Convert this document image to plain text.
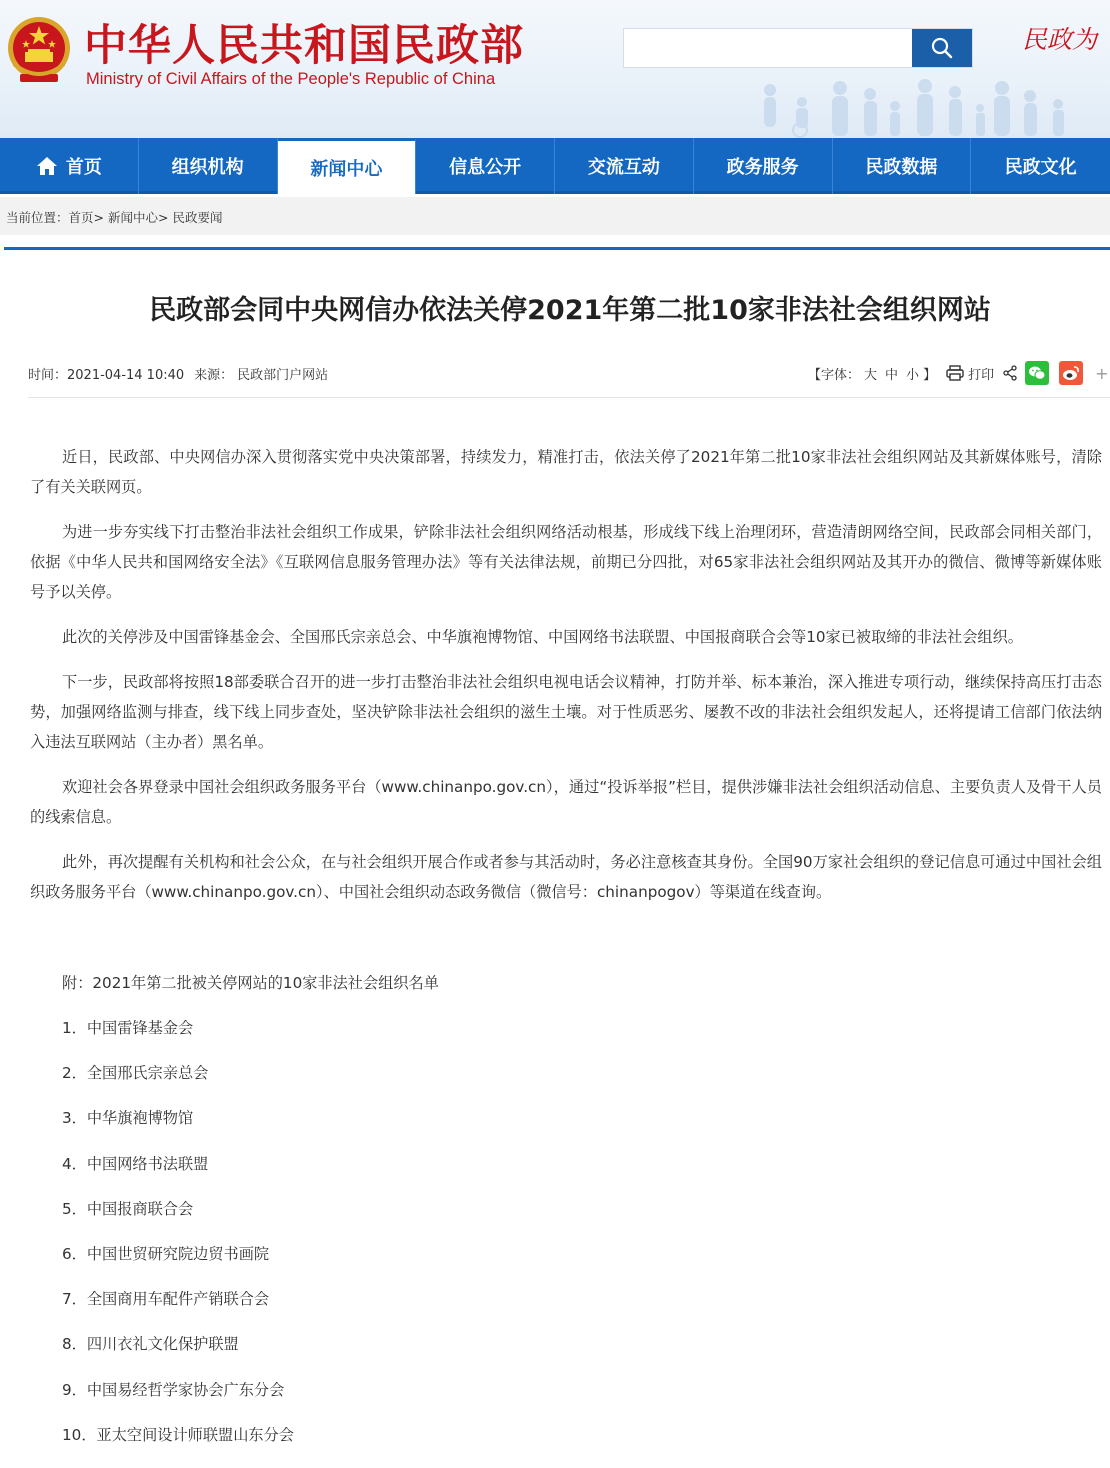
中华人民共和国民政部
Ministry of Civil Affairs of the People's Republic of China
民政为
首页	组织机构	新闻中心	信息公开	交流互动	政务服务	民政数据	民政文化
当前位置：首页> 新闻中心> 民政要闻
民政部会同中央网信办依法关停2021年第二批10家非法社会组织网站
时间：2021-04-14 10:40 来源： 民政部门户网站	【字体： 大 中 小 】 打印	+

近日，民政部、中央网信办深入贯彻落实党中央决策部署，持续发力，精准打击，依法关停了2021年第二批10家非法社会组织网站及其新媒体账号，清除了有关关联网页。

为进一步夯实线下打击整治非法社会组织工作成果，铲除非法社会组织网络活动根基，形成线下线上治理闭环，营造清朗网络空间，民政部会同相关部门，依据《中华人民共和国网络安全法》《互联网信息服务管理办法》等有关法律法规，前期已分四批，对65家非法社会组织网站及其开办的微信、微博等新媒体账号予以关停。

此次的关停涉及中国雷锋基金会、全国邢氏宗亲总会、中华旗袍博物馆、中国网络书法联盟、中国报商联合会等10家已被取缔的非法社会组织。

下一步，民政部将按照18部委联合召开的进一步打击整治非法社会组织电视电话会议精神，打防并举、标本兼治，深入推进专项行动，继续保持高压打击态势，加强网络监测与排查，线下线上同步查处，坚决铲除非法社会组织的滋生土壤。对于性质恶劣、屡教不改的非法社会组织发起人，还将提请工信部门依法纳入违法互联网站（主办者）黑名单。

欢迎社会各界登录中国社会组织政务服务平台（www.chinanpo.gov.cn），通过“投诉举报”栏目，提供涉嫌非法社会组织活动信息、主要负责人及骨干人员的线索信息。

此外，再次提醒有关机构和社会公众，在与社会组织开展合作或者参与其活动时，务必注意核查其身份。全国90万家社会组织的登记信息可通过中国社会组织政务服务平台（www.chinanpo.gov.cn）、中国社会组织动态政务微信（微信号：chinanpogov）等渠道在线查询。

附：2021年第二批被关停网站的10家非法社会组织名单
1．中国雷锋基金会
2．全国邢氏宗亲总会
3．中华旗袍博物馆
4．中国网络书法联盟
5．中国报商联合会
6．中国世贸研究院边贸书画院
7．全国商用车配件产销联合会
8．四川衣礼文化保护联盟
9．中国易经哲学家协会广东分会
10．亚太空间设计师联盟山东分会
